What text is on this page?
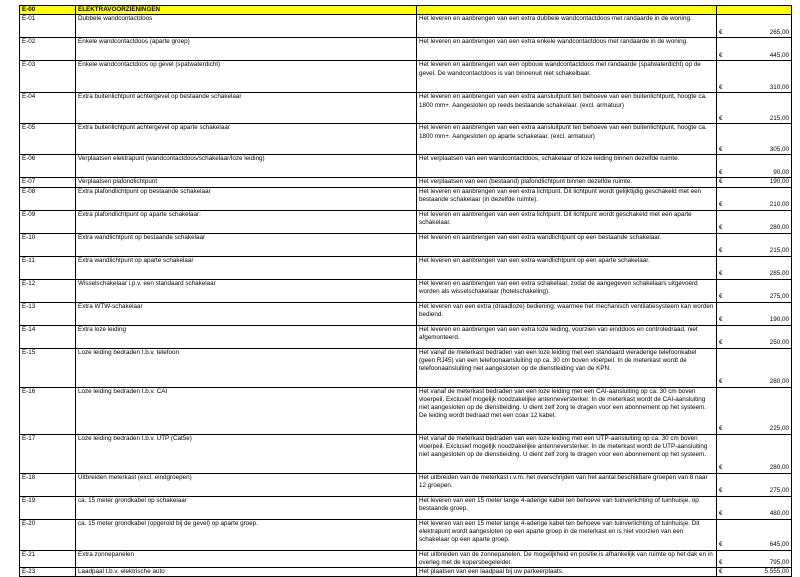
E-00	ELEKTRAVOORZIENINGEN		
E-01	Dubbele wandcontactdoos	Het leveren en aanbrengen van een extra dubbele wandcontactdoos met randaarde in de woning.	€ 265,00

E-02	Enkele wandcontactdoos (aparte groep)	Het leveren en aanbrengen van een extra enkele wandcontactdoos met randaarde in de woning.	€ 445,00

E-03	Enkele wandcontactdoos op gevel (spatwaterdicht)	Het leveren en aanbrengen van een opbouw wandcontactdoos met randaarde (spatwaterdicht) op de gevel. De wandcontactdoos is van binnenuit niet schakelbaar.	€ 310,00

E-04	Extra buitenlichtpunt achtergevel op bestaande schakelaar	Het leveren en aanbrengen van een extra aansluitpunt ten behoeve van een buitenlichtpunt, hoogte ca. 1800 mm+. Aangesloten op reeds bestaande schakelaar. (excl. armatuur)	€ 215,00

E-05	Extra buitenlichtpunt achtergevel op aparte schakelaar	Het leveren en aanbrengen van een extra aansluitpunt ten behoeve van een buitenlichtpunt, hoogte ca. 1800 mm+. Aangesloten op aparte schakelaar. (excl. armatuur)	€ 305,00

E-06	Verplaatsen elektrapunt (wandcontactdoos/schakelaar/loze leiding)	Het verplaatsen van een wandcontactdoos, schakelaar of loze leiding binnen dezelfde ruimte.	€ 90,00

E-07	Verplaatsen plafondlichtpunt	Het verplaatsen van een (bestaand) plafondlichtpunt binnen dezelfde ruimte.	€ 190,00

E-08	Extra plafondlichtpunt op bestaande schakelaar	Het leveren en aanbrengen van een extra lichtpunt. Dit lichtpunt wordt gelijktijdig geschakeld met een bestaande schakelaar (in dezelfde ruimte).	€ 210,00

E-09	Extra plafondlichtpunt op aparte schakelaar:	Het leveren en aanbrengen van een extra lichtpunt. Dit lichtpunt wordt geschakeld met een aparte schakelaar.	€ 280,00

E-10	Extra wandlichtpunt op bestaande schakelaar	Het leveren en aanbrengen van een extra wandlichtpunt op een bestaande schakelaar.	€ 215,00

E-11	Extra wandlichtpunt op aparte schakelaar	Het leveren en aanbrengen van een extra wandlichtpunt op een aparte schakelaar.	€ 285,00

E-12	Wisselschakelaar i.p.v. een standaard schakelaar	Het leveren en aanbrengen van een extra schakelaar, zodat de aangegeven schakelaars uitgevoerd worden als wisselschakelaar (hotelschakeling).	€ 275,00

E-13	Extra WTW-schakelaar	Het leveren van een extra (draadloze) bediening; waarmee het mechanisch ventilatiesysteem kan worden bediend.	€ 190,00

E-14	Extra loze leiding	Het leveren en aanbrengen van een extra loze leiding, voorzien van einddoos en controledraad, niet afgemonteerd.	€ 250,00

E-15	Loze leiding bedraden t.b.v. telefoon	Het vanaf de meterkast bedraden van een loze leiding met een standaard vieraderige telefoonkabel (geen RJ45) van een telefoonaansluiting op ca. 30 cm boven vloerpeil. In de meterkast wordt de telefoonaansluiting niet aangesloten op de dienstleiding van de KPN.	€ 280,00

E-16	Loze leiding bedraden t.b.v. CAI	Het vanaf de meterkast bedraden van een loze leiding met een CAI-aansluiting op ca. 30 cm boven vloerpeil. Exclusief mogelijk noodzakelijke antenneversterker. In de meterkast wordt de CAI-aansluiting niet aangesloten op de dienstleiding. U dient zelf zorg te dragen voor een abonnement op het systeem. De leiding wordt bedraad met een coax 12 kabel.	€ 225,00

E-17	Loze leiding bedraden t.b.v. UTP (Cat5e)	Het vanaf de meterkast bedraden van een loze leiding met een UTP-aansluiting op ca. 30 cm boven vloerpeil. Exclusief mogelijk noodzakelijke antenneversterker. In de meterkast wordt de UTP-aansluiting niet aangesloten op de dienstleiding. U dient zelf zorg te dragen voor een abonnement op het systeem.	€ 280,00

E-18	Uitbreiden meterkast (excl. eindgroepen)	Het uitbreiden van de meterkast i.v.m. het overschrijden van het aantal beschikbare groepen van 8 naar 12 groepen.	€ 275,00

E-19	ca. 15 meter grondkabel op schakelaar	Het leveren van een 15 meter lange 4-aderige kabel ten behoeve van tuinverlichting of tuinhuisje, op bestaande groep.	€ 480,00

E-20	ca. 15 meter grondkabel (opgerold bij de gevel) op aparte groep.	Het leveren van een 15 meter lange 4-aderige kabel ten behoeve van tuinverlichting of tuinhuisje. Dit elektrapunt wordt aangesloten op een aparte groep in de meterkast en is niet voorzien van een schakelaar op een aparte groep.	€ 645,00

E-21	Extra zonnepanelen	Het uitbreiden van de zonnepanelen. De mogelijkheid en positie is afhankelijk van ruimte op het dak en in overleg met de kopersbegeleider.	€ 795,00

E-23	Laadpaal t.b.v. elektrische auto	Het plaatsen van een laadpaal bij uw parkeerplaats.	€ 5.555,00
